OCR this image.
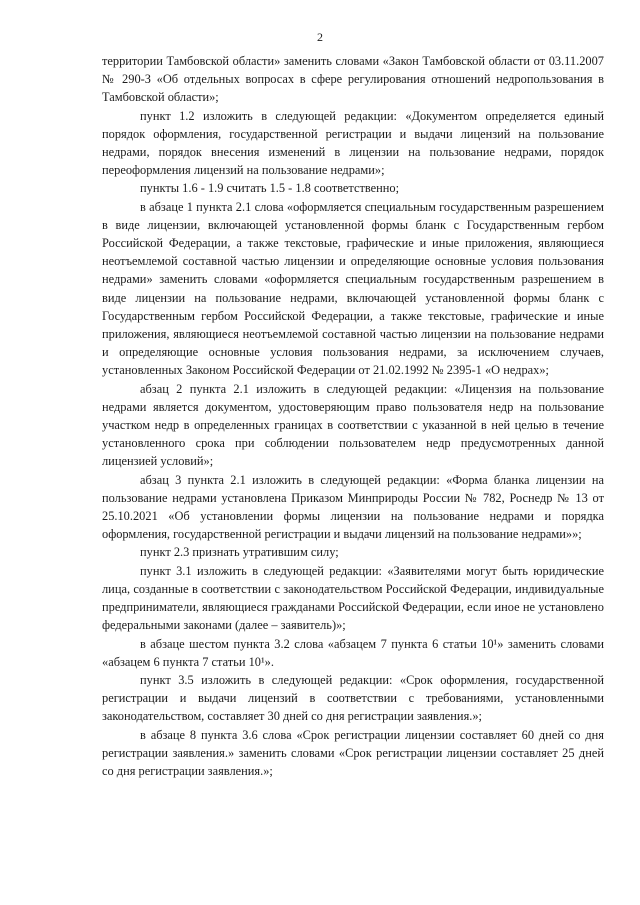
2

территории Тамбовской области» заменить словами «Закон Тамбовской области от 03.11.2007 № 290-З «Об отдельных вопросах в сфере регулирования отношений недропользования в Тамбовской области»;

пункт 1.2 изложить в следующей редакции: «Документом определяется единый порядок оформления, государственной регистрации и выдачи лицензий на пользование недрами, порядок внесения изменений в лицензии на пользование недрами, порядок переоформления лицензий на пользование недрами»;

пункты 1.6 - 1.9 считать 1.5 - 1.8 соответственно;

в абзаце 1 пункта 2.1 слова «оформляется специальным государственным разрешением в виде лицензии, включающей установленной формы бланк с Государственным гербом Российской Федерации, а также текстовые, графические и иные приложения, являющиеся неотъемлемой составной частью лицензии и определяющие основные условия пользования недрами» заменить словами «оформляется специальным государственным разрешением в виде лицензии на пользование недрами, включающей установленной формы бланк с Государственным гербом Российской Федерации, а также текстовые, графические и иные приложения, являющиеся неотъемлемой составной частью лицензии на пользование недрами и определяющие основные условия пользования недрами, за исключением случаев, установленных Законом Российской Федерации от 21.02.1992 № 2395-1 «О недрах»;

абзац 2 пункта 2.1 изложить в следующей редакции: «Лицензия на пользование недрами является документом, удостоверяющим право пользователя недр на пользование участком недр в определенных границах в соответствии с указанной в ней целью в течение установленного срока при соблюдении пользователем недр предусмотренных данной лицензией условий»;

абзац 3 пункта 2.1 изложить в следующей редакции: «Форма бланка лицензии на пользование недрами установлена Приказом Минприроды России № 782, Роснедр № 13 от 25.10.2021 «Об установлении формы лицензии на пользование недрами и порядка оформления, государственной регистрации и выдачи лицензий на пользование недрами»»;

пункт 2.3 признать утратившим силу;

пункт 3.1 изложить в следующей редакции: «Заявителями могут быть юридические лица, созданные в соответствии с законодательством Российской Федерации, индивидуальные предприниматели, являющиеся гражданами Российской Федерации, если иное не установлено федеральными законами (далее – заявитель)»;

в абзаце шестом пункта 3.2 слова «абзацем 7 пункта 6 статьи 10¹» заменить словами «абзацем 6 пункта 7 статьи 10¹».

пункт 3.5 изложить в следующей редакции: «Срок оформления, государственной регистрации и выдачи лицензий в соответствии с требованиями, установленными законодательством, составляет 30 дней со дня регистрации заявления.»;

в абзаце 8 пункта 3.6 слова «Срок регистрации лицензии составляет 60 дней со дня регистрации заявления.» заменить словами «Срок регистрации лицензии составляет 25 дней со дня регистрации заявления.»;
